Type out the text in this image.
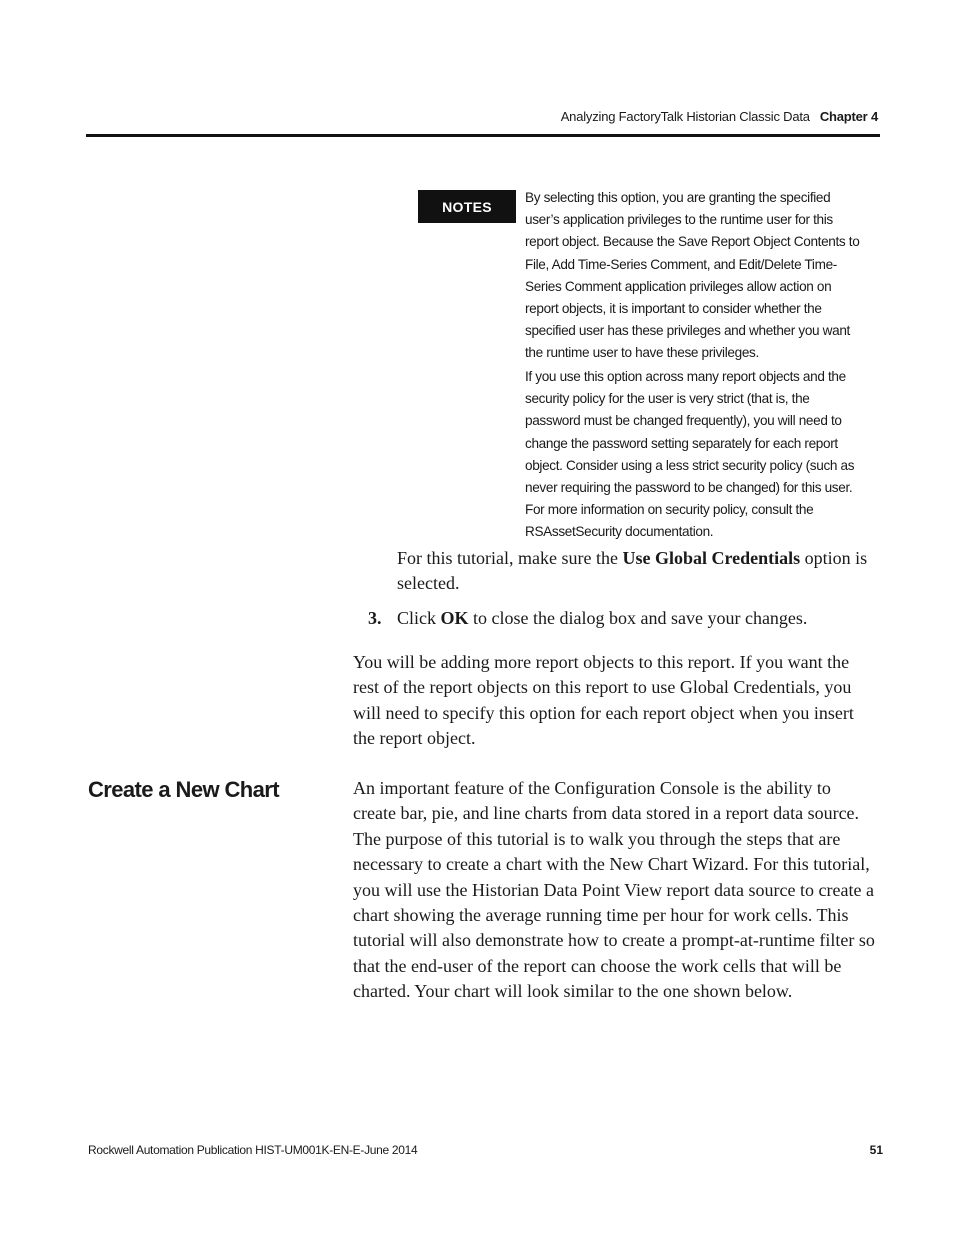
Analyzing FactoryTalk Historian Classic Data Chapter 4
NOTES

By selecting this option, you are granting the specified user’s application privileges to the runtime user for this report object. Because the Save Report Object Contents to File, Add Time-Series Comment, and Edit/Delete Time-Series Comment application privileges allow action on report objects, it is important to consider whether the specified user has these privileges and whether you want the runtime user to have these privileges.

If you use this option across many report objects and the security policy for the user is very strict (that is, the password must be changed frequently), you will need to change the password setting separately for each report object. Consider using a less strict security policy (such as never requiring the password to be changed) for this user. For more information on security policy, consult the RSAssetSecurity documentation.

For this tutorial, make sure the Use Global Credentials option is selected.

3. Click OK to close the dialog box and save your changes.

You will be adding more report objects to this report. If you want the rest of the report objects on this report to use Global Credentials, you will need to specify this option for each report object when you insert the report object.

Create a New Chart	An important feature of the Configuration Console is the ability to create bar, pie, and line charts from data stored in a report data source. The purpose of this tutorial is to walk you through the steps that are necessary to create a chart with the New Chart Wizard. For this tutorial, you will use the Historian Data Point View report data source to create a chart showing the average running time per hour for work cells. This tutorial will also demonstrate how to create a prompt-at-runtime filter so that the end-user of the report can choose the work cells that will be charted. Your chart will look similar to the one shown below.

Rockwell Automation Publication HIST-UM001K-EN-E-June 2014	51
